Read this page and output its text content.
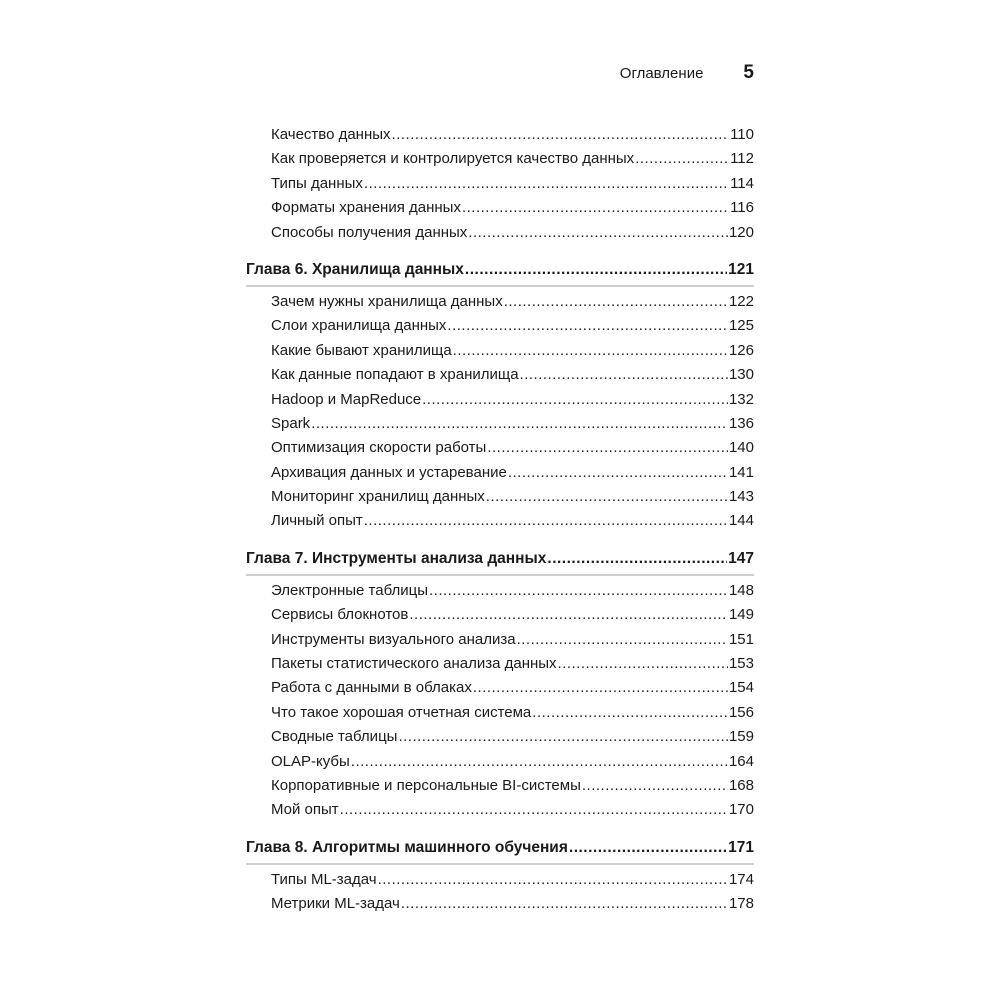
Оглавление 5
Качество данных .....	110
Как проверяется и контролируется качество данных .....	112
Типы данных .....	114
Форматы хранения данных .....	116
Способы получения данных .....	120
Глава 6. Хранилища данных .....	121
Зачем нужны хранилища данных .....	122
Слои хранилища данных .....	125
Какие бывают хранилища .....	126
Как данные попадают в хранилища .....	130
Hadoop и MapReduce .....	132
Spark .....	136
Оптимизация скорости работы .....	140
Архивация данных и устаревание .....	141
Мониторинг хранилищ данных .....	143
Личный опыт .....	144
Глава 7. Инструменты анализа данных .....	147
Электронные таблицы .....	148
Сервисы блокнотов .....	149
Инструменты визуального анализа .....	151
Пакеты статистического анализа данных .....	153
Работа с данными в облаках .....	154
Что такое хорошая отчетная система .....	156
Сводные таблицы .....	159
OLAP-кубы .....	164
Корпоративные и персональные BI-системы .....	168
Мой опыт .....	170
Глава 8. Алгоритмы машинного обучения .....	171
Типы ML-задач .....	174
Метрики ML-задач .....	178
